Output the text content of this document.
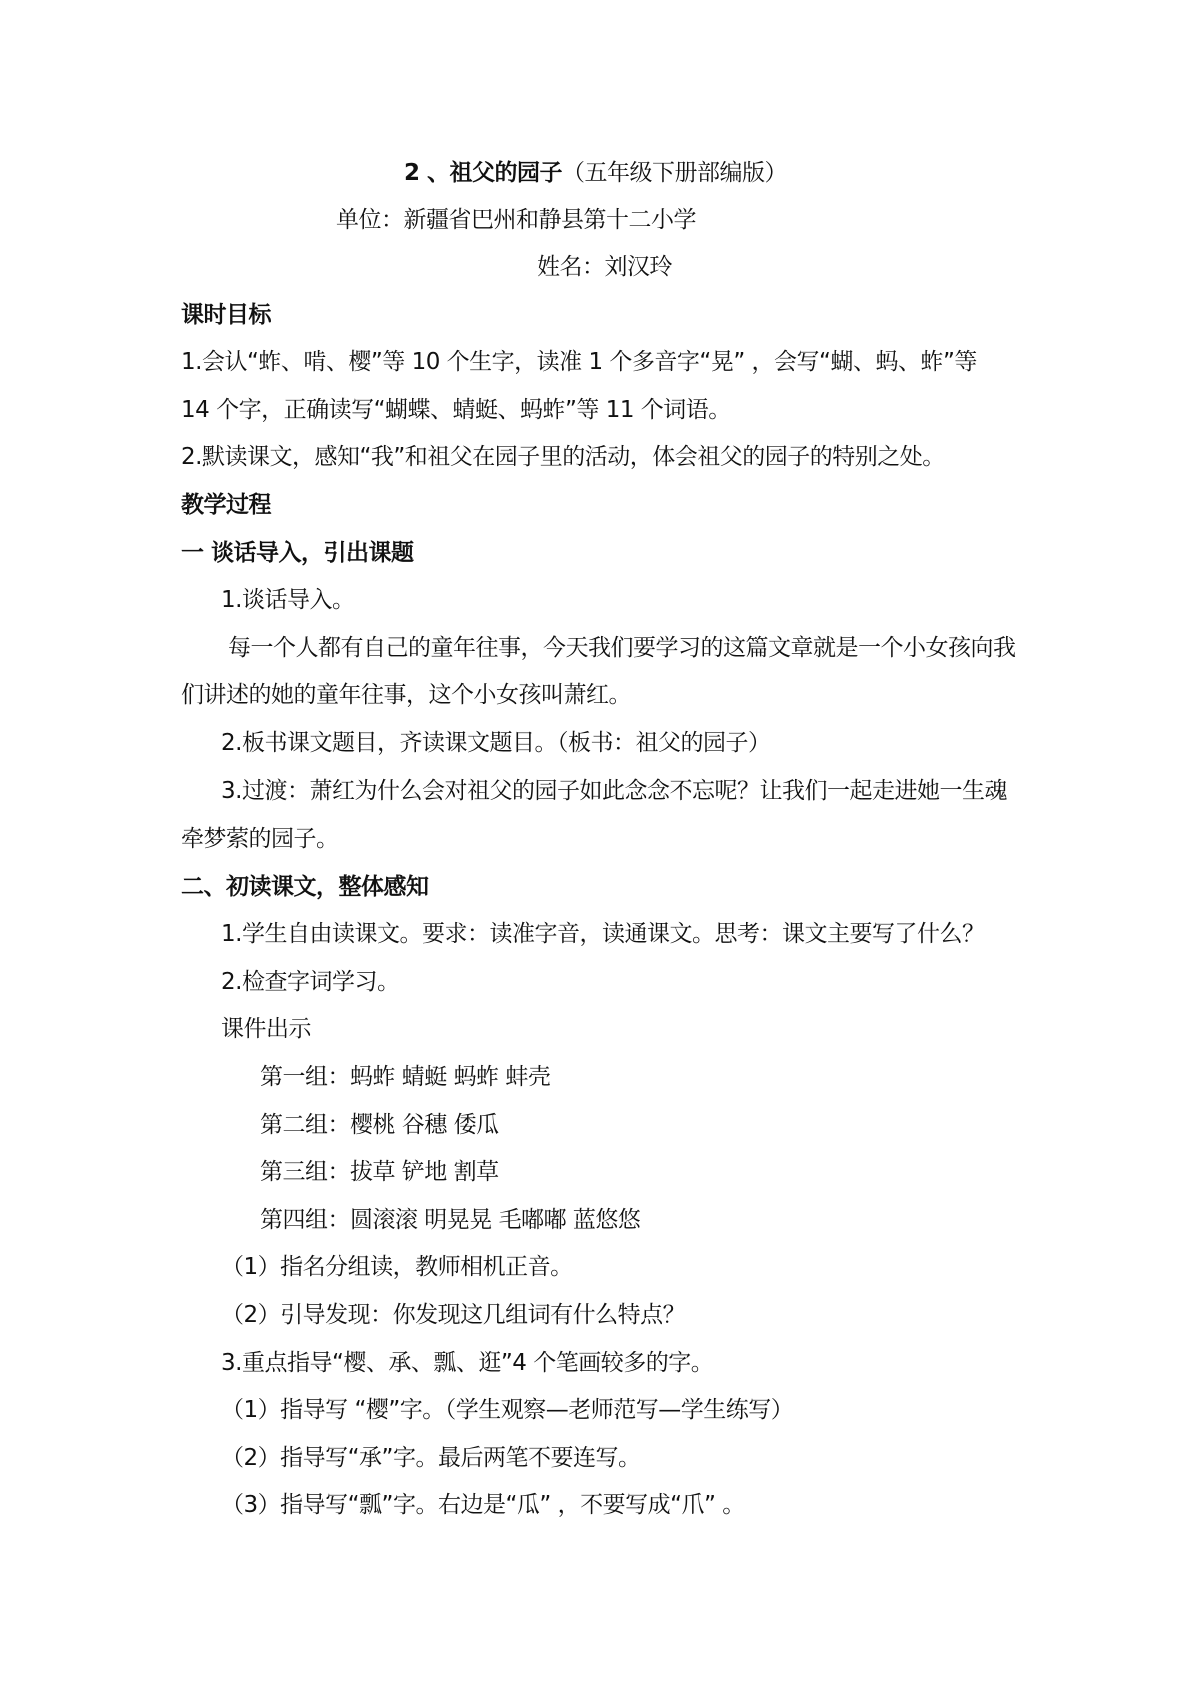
2 、祖父的园子（五年级下册部编版）
单位：新疆省巴州和静县第十二小学
姓名：刘汉玲
课时目标
1.会认“蚱、啃、樱”等 10 个生字，读准 1 个多音字“晃” ，会写“蝴、蚂、蚱”等
14 个字，正确读写“蝴蝶、蜻蜓、蚂蚱”等 11 个词语。
2.默读课文，感知“我”和祖父在园子里的活动，体会祖父的园子的特别之处。
教学过程
一 谈话导入，引出课题
1.谈话导入。
每一个人都有自己的童年往事，今天我们要学习的这篇文章就是一个小女孩向我
们讲述的她的童年往事，这个小女孩叫萧红。
2.板书课文题目，齐读课文题目。（板书：祖父的园子）
3.过渡：萧红为什么会对祖父的园子如此念念不忘呢？让我们一起走进她一生魂
牵梦萦的园子。
二、初读课文，整体感知
1.学生自由读课文。要求：读准字音，读通课文。思考：课文主要写了什么？
2.检查字词学习。
课件出示
第一组：蚂蚱 蜻蜓 蚂蚱 蚌壳
第二组：樱桃 谷穗 倭瓜
第三组：拔草 铲地 割草
第四组：圆滚滚 明晃晃 毛嘟嘟 蓝悠悠
（1）指名分组读，教师相机正音。
（2）引导发现：你发现这几组词有什么特点？
3.重点指导“樱、承、瓢、逛”4 个笔画较多的字。
（1）指导写 “樱”字。（学生观察—老师范写—学生练写）
（2）指导写“承”字。最后两笔不要连写。
（3）指导写“瓢”字。右边是“瓜” ，不要写成“爪” 。
